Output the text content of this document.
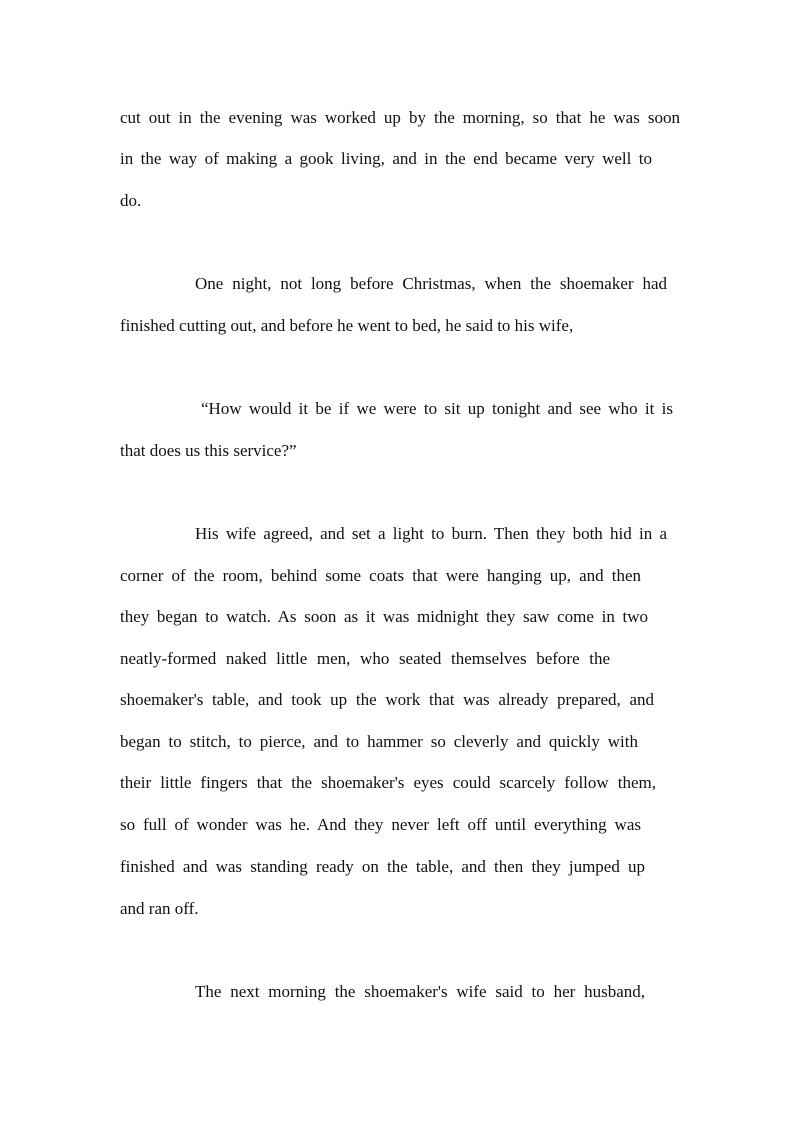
cut out in the evening was worked up by the morning, so that he was soon
in the way of making a gook living, and in the end became very well to
do.
One night, not long before Christmas, when the shoemaker had
finished cutting out, and before he went to bed, he said to his wife,
“How would it be if we were to sit up tonight and see who it is
that does us this service?”
His wife agreed, and set a light to burn. Then they both hid in a
corner of the room, behind some coats that were hanging up, and then
they began to watch. As soon as it was midnight they saw come in two
neatly-formed naked little men, who seated themselves before the
shoemaker's table, and took up the work that was already prepared, and
began to stitch, to pierce, and to hammer so cleverly and quickly with
their little fingers that the shoemaker's eyes could scarcely follow them,
so full of wonder was he. And they never left off until everything was
finished and was standing ready on the table, and then they jumped up
and ran off.
The next morning the shoemaker's wife said to her husband,
